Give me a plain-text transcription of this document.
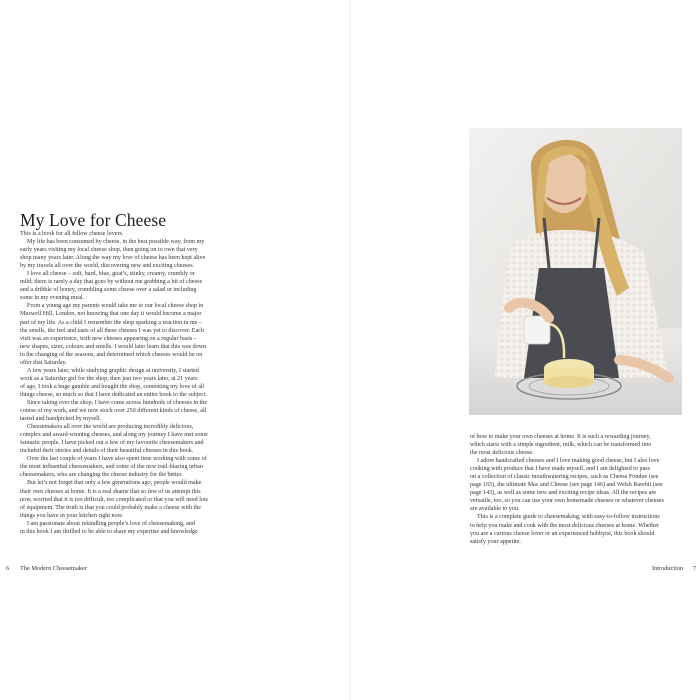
My Love for Cheese

This is a book for all fellow cheese lovers.

My life has been consumed by cheese, in the best possible way, from my
early years visiting my local cheese shop, then going on to own that very
shop many years later. Along the way my love of cheese has been kept alive
by my travels all over the world, discovering new and exciting cheeses.

I love all cheese – soft, hard, blue, goat’s, stinky, creamy, crumbly or
mild; there is rarely a day that goes by without me grabbing a bit of cheese
and a dribble of honey, crumbling some cheese over a salad or including
some in my evening meal.

From a young age my parents would take me to our local cheese shop in
Muswell Hill, London, not knowing that one day it would become a major
part of my life. As a child I remember the shop sparking a reaction in me –
the smells, the feel and taste of all these cheeses I was yet to discover. Each
visit was an experience, with new cheeses appearing on a regular basis –
new shapes, sizes, colours and smells. I would later learn that this was down
to the changing of the seasons, and determined which cheeses would be on
offer that Saturday.

A few years later, while studying graphic design at university, I started
work as a Saturday girl for the shop, then just two years later, at 21 years
of age, I took a huge gamble and bought the shop, cementing my love of all
things cheese, so much so that I have dedicated an entire book to the subject.

Since taking over the shop, I have come across hundreds of cheeses in the
course of my work, and we now stock over 250 different kinds of cheese, all
tasted and handpicked by myself.

Cheesemakers all over the world are producing incredibly delicious,
complex and award-winning cheeses, and along my journey I have met some
fantastic people. I have picked out a few of my favourite cheesemakers and
included their stories and details of their beautiful cheeses in this book.

Over the last couple of years I have also spent time working with some of
the most influential cheesemakers, and some of the new trail-blazing urban
cheesemakers, who are changing the cheese industry for the better.

But let’s not forget that only a few generations ago, people would make
their own cheeses at home. It is a real shame that so few of us attempt this
now, worried that it is too difficult, too complicated or that you will need lots
of equipment. The truth is that you could probably make a cheese with the
things you have in your kitchen right now.

I am passionate about rekindling people’s love of cheesemaking, and
in this book I am thrilled to be able to share my expertise and knowledge

of how to make your own cheeses at home. It is such a rewarding journey,
which starts with a simple ingredient, milk, which can be transformed into
the most delicious cheese.

I adore handcrafted cheeses and I love making good cheese, but I also love
cooking with produce that I have made myself, and I am delighted to pass
on a collection of classic mouthwatering recipes, such as Cheese Fondue (see
page 165), the ultimate Mac and Cheese (see page 146) and Welsh Rarebit (see
page 143), as well as some new and exciting recipe ideas. All the recipes are
versatile, too, so you can use your own homemade cheeses or whatever cheeses
are available to you.

This is a complete guide to cheesemaking, with easy-to-follow instructions
to help you make and cook with the most delicious cheeses at home. Whether
you are a curious cheese lover or an experienced hobbyist, this book should
satisfy your appetite.

6 The Modern Cheesemaker	Introduction 7
